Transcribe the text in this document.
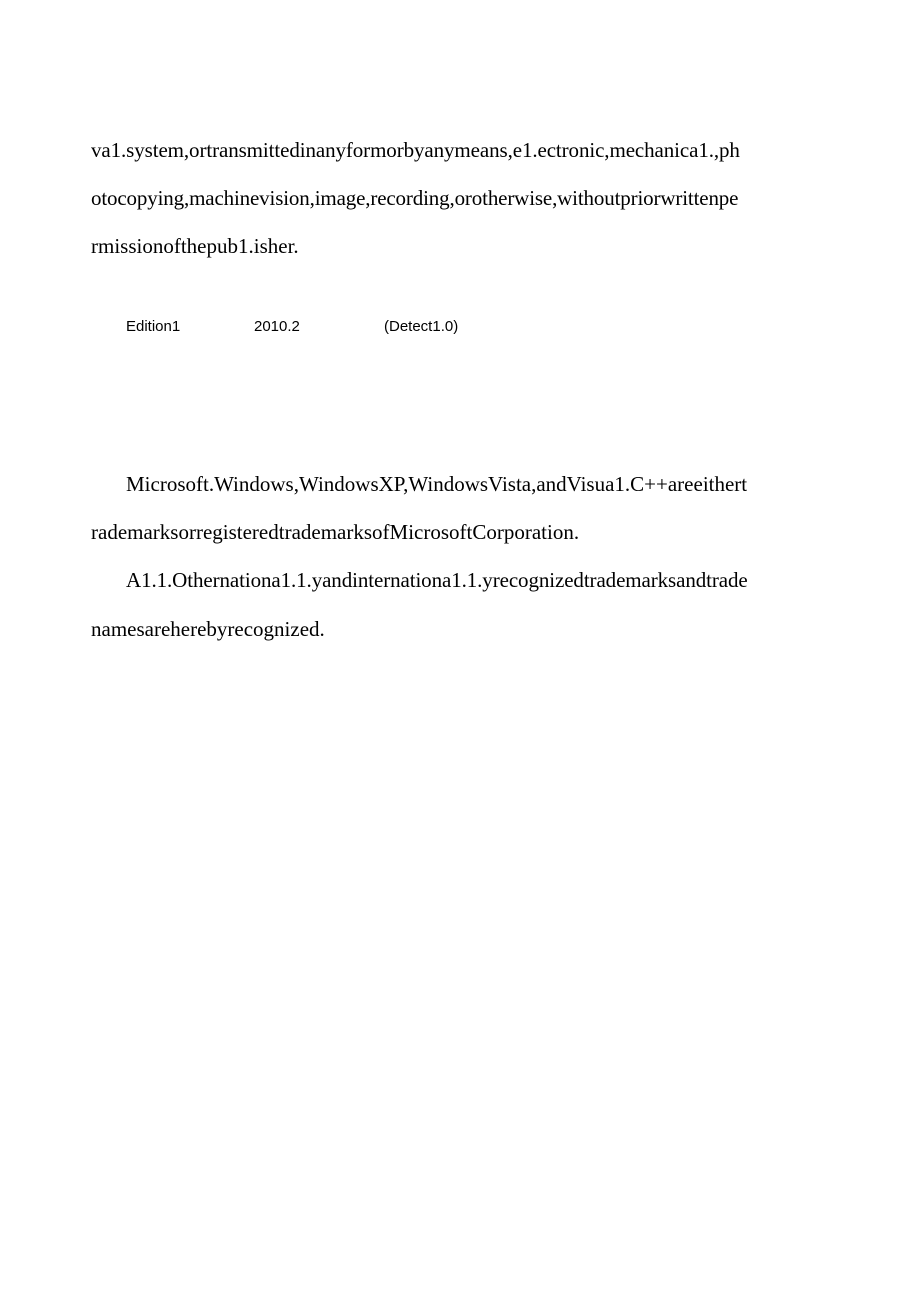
va1.system,ortransmittedinanyformorbyanymeans,e1.ectronic,mechanica1.,ph
otocopying,machinevision,image,recording,orotherwise,withoutpriorwrittenpe
rmissionofthepub1.isher.
Edition1	2010.2	(Detect1.0)
Microsoft.Windows,WindowsXP,WindowsVista,andVisua1.C++areeithert
rademarksorregisteredtrademarksofMicrosoftCorporation.
A1.1.Othernationa1.1.yandinternationa1.1.yrecognizedtrademarksandtrade
namesareherebyrecognized.
